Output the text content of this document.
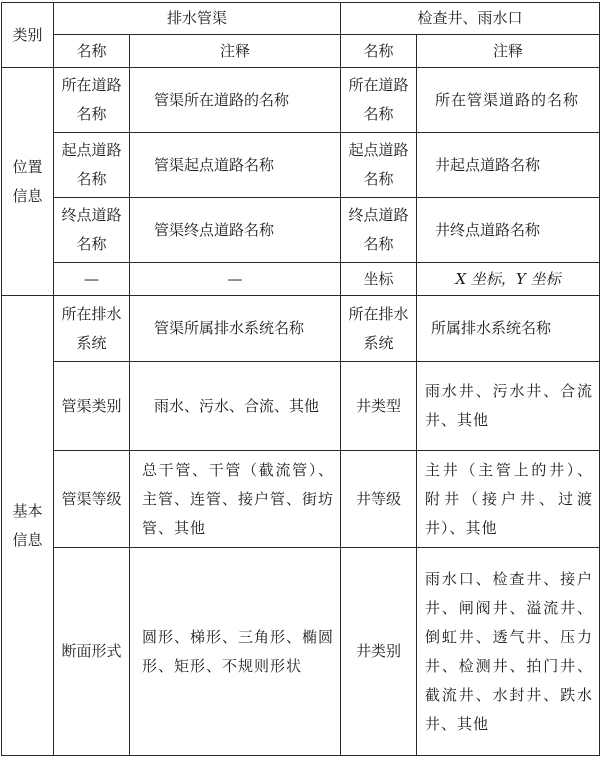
类别	排水管渠		检查井、雨水口	
	名称	注释	名称	注释
位置信息	所在道路名称	管渠所在道路的名称	所在道路名称	所在管渠道路的名称
	起点道路名称	管渠起点道路名称	起点道路名称	井起点道路名称
	终点道路名称	管渠终点道路名称	终点道路名称	井终点道路名称
	—	—	坐标	X 坐标，Y 坐标
基本信息	所在排水系统	管渠所属排水系统名称	所在排水系统	所属排水系统名称
	管渠类别	雨水、污水、合流、其他	井类型	雨水井、污水井、合流井、其他
	管渠等级	总干管、干管（截流管）、主管、连管、接户管、街坊管、其他	井等级	主井（主管上的井）、附井（接户井、过渡井）、其他
	断面形式	圆形、梯形、三角形、椭圆形、矩形、不规则形状	井类别	雨水口、检查井、接户井、闸阀井、溢流井、倒虹井、透气井、压力井、检测井、拍门井、截流井、水封井、跌水井、其他
